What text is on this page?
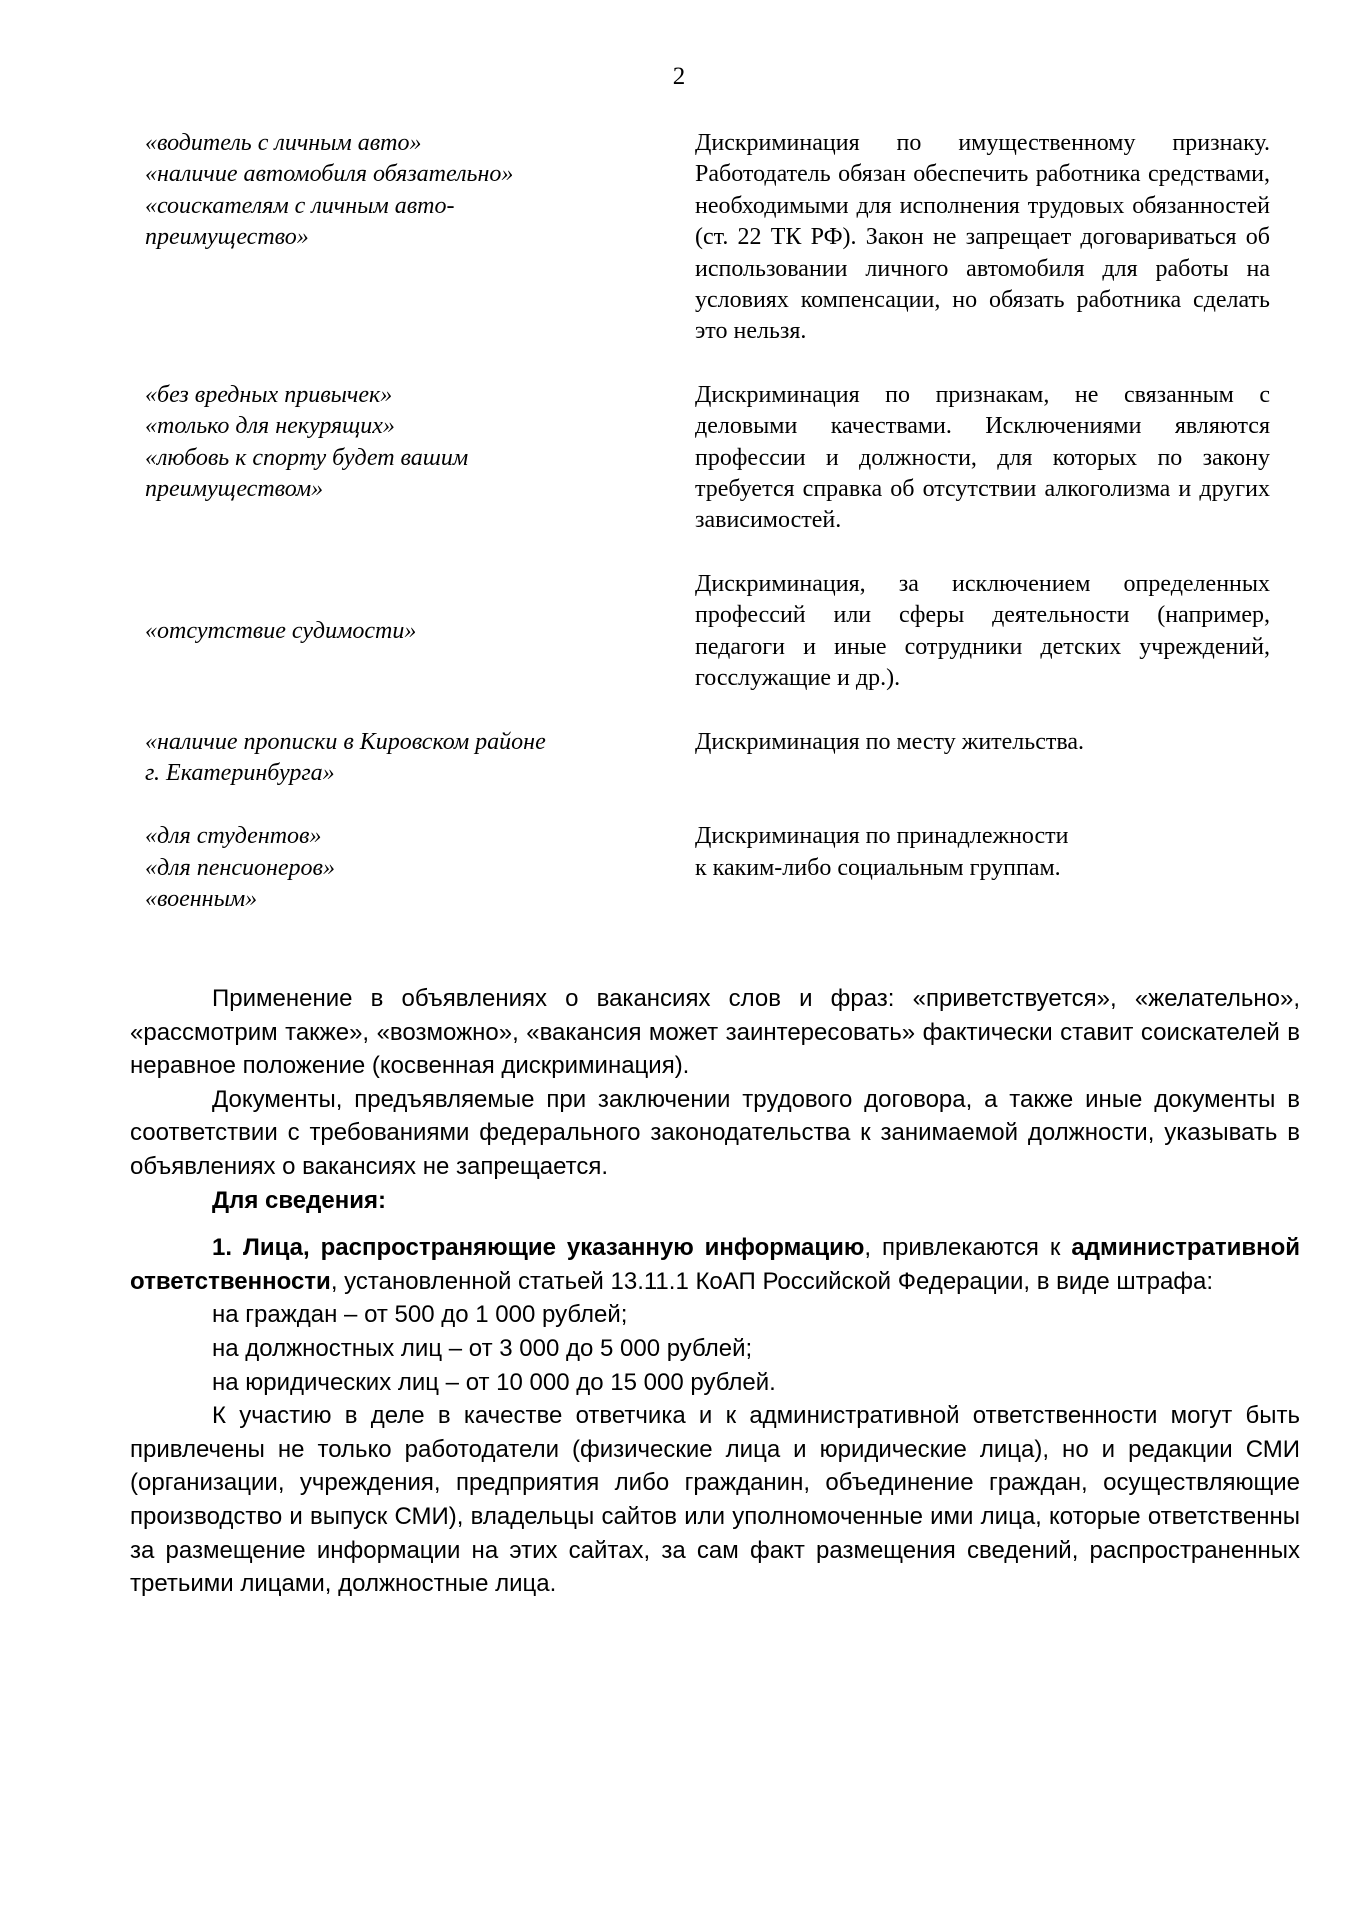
2
«водитель с личным авто»
«наличие автомобиля обязательно»
«соискателям с личным авто-
преимущество»
Дискриминация по имущественному признаку. Работодатель обязан обеспечить работника средствами, необходимыми для исполнения трудовых обязанностей (ст. 22 ТК РФ). Закон не запрещает договариваться об использовании личного автомобиля для работы на условиях компенсации, но обязать работника сделать это нельзя.
«без вредных привычек»
«только для некурящих»
«любовь к спорту будет вашим
преимуществом»
Дискриминация по признакам, не связанным с деловыми качествами. Исключениями являются профессии и должности, для которых по закону требуется справка об отсутствии алкоголизма и других зависимостей.
«отсутствие судимости»
Дискриминация, за исключением определенных профессий или сферы деятельности (например, педагоги и иные сотрудники детских учреждений, госслужащие и др.).
«наличие прописки в Кировском районе
г. Екатеринбурга»
Дискриминация по месту жительства.
«для студентов»
«для пенсионеров»
«военным»
Дискриминация по принадлежности
к каким-либо социальным группам.

Применение в объявлениях о вакансиях слов и фраз: «приветствуется», «желательно», «рассмотрим также», «возможно», «вакансия может заинтересовать» фактически ставит соискателей в неравное положение (косвенная дискриминация).

Документы, предъявляемые при заключении трудового договора, а также иные документы в соответствии с требованиями федерального законодательства к занимаемой должности, указывать в объявлениях о вакансиях не запрещается.

Для сведения:

1. Лица, распространяющие указанную информацию, привлекаются к административной ответственности, установленной статьей 13.11.1 КоАП Российской Федерации, в виде штрафа:

на граждан – от 500 до 1 000 рублей;

на должностных лиц – от 3 000 до 5 000 рублей;

на юридических лиц – от 10 000 до 15 000 рублей.

К участию в деле в качестве ответчика и к административной ответственности могут быть привлечены не только работодатели (физические лица и юридические лица), но и редакции СМИ (организации, учреждения, предприятия либо гражданин, объединение граждан, осуществляющие производство и выпуск СМИ), владельцы сайтов или уполномоченные ими лица, которые ответственны за размещение информации на этих сайтах, за сам факт размещения сведений, распространенных третьими лицами, должностные лица.
